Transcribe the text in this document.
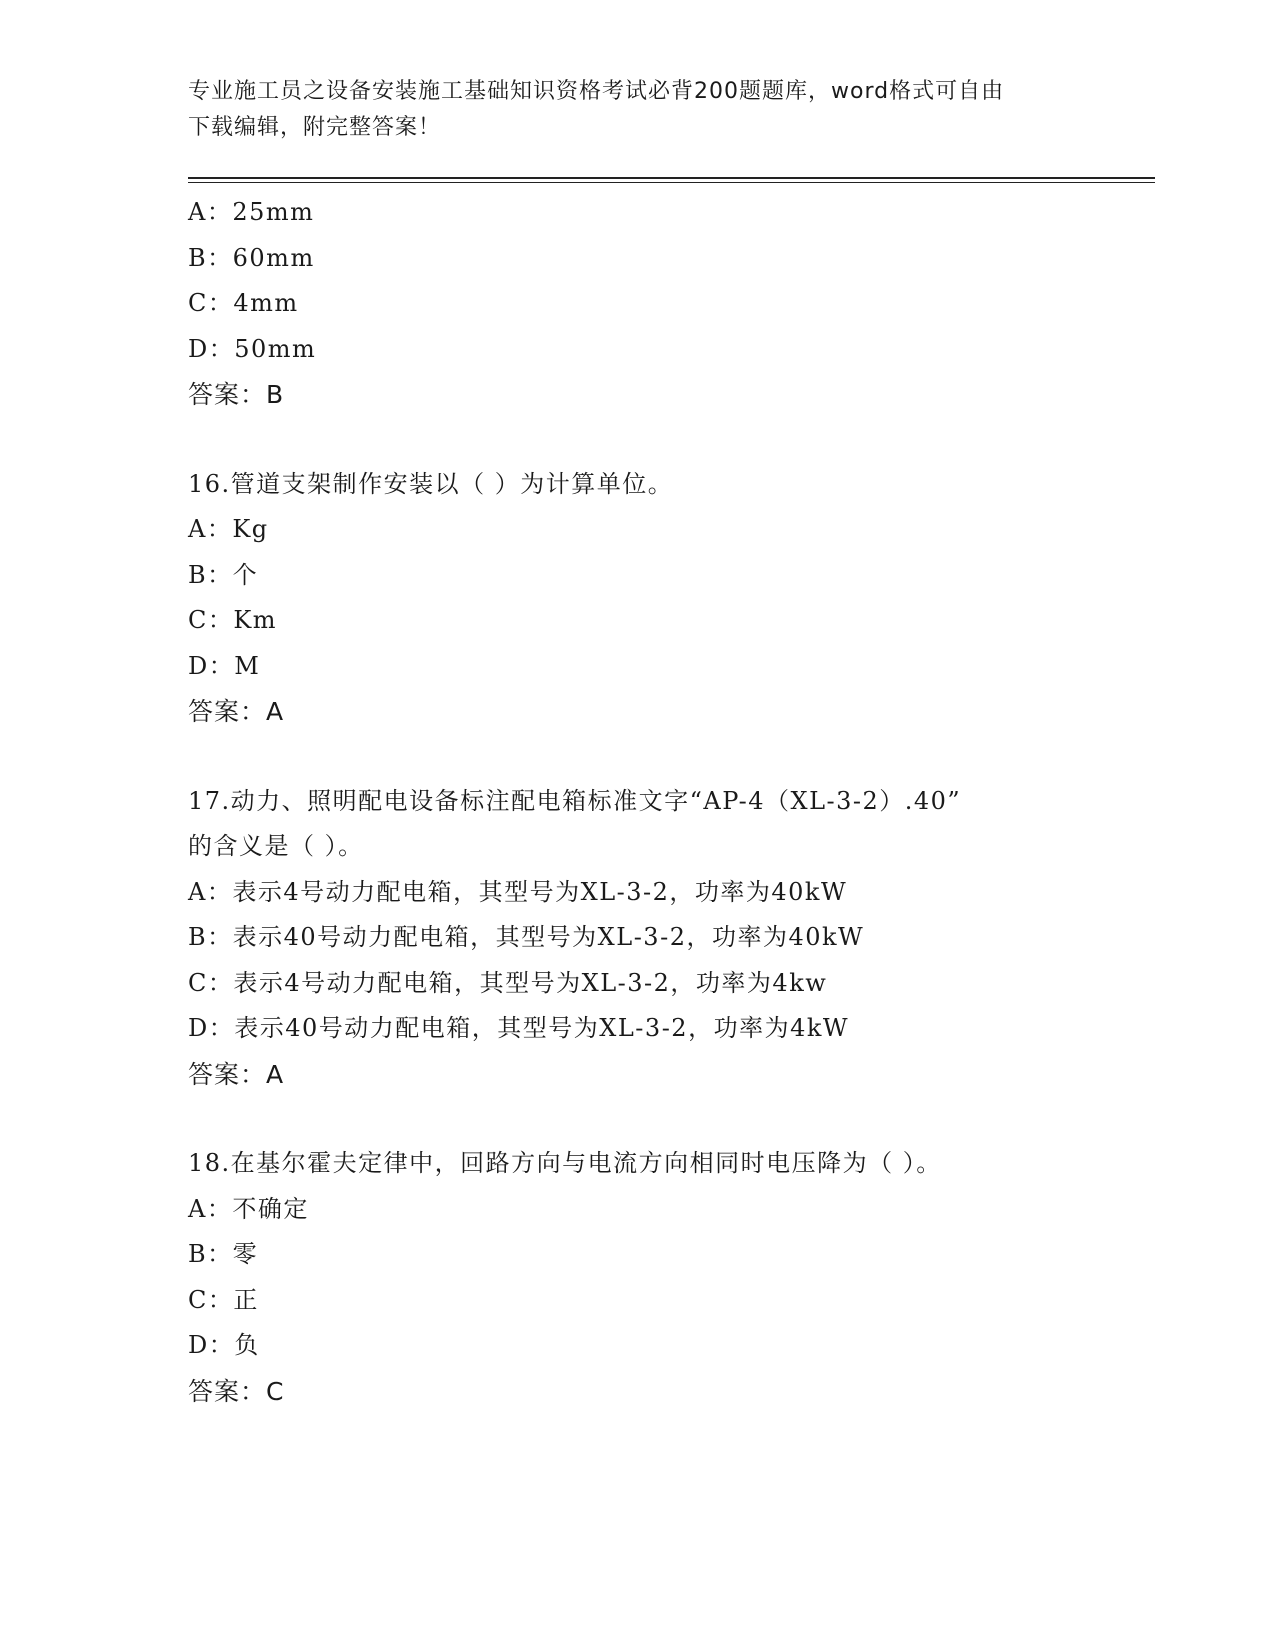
专业施工员之设备安装施工基础知识资格考试必背200题题库，word格式可自由
下载编辑，附完整答案！
A：25mm
B：60mm
C：4mm
D：50mm
答案：B
16.管道支架制作安装以（ ）为计算单位。
A：Kg
B：个
C：Km
D：M
答案：A
17.动力、照明配电设备标注配电箱标准文字“AP-4（XL-3-2）.40”
的含义是（ ）。
A：表示4号动力配电箱，其型号为XL-3-2，功率为40kW
B：表示40号动力配电箱，其型号为XL-3-2，功率为40kW
C：表示4号动力配电箱，其型号为XL-3-2，功率为4kw
D：表示40号动力配电箱，其型号为XL-3-2，功率为4kW
答案：A
18.在基尔霍夫定律中，回路方向与电流方向相同时电压降为（ ）。
A：不确定
B：零
C：正
D：负
答案：C
